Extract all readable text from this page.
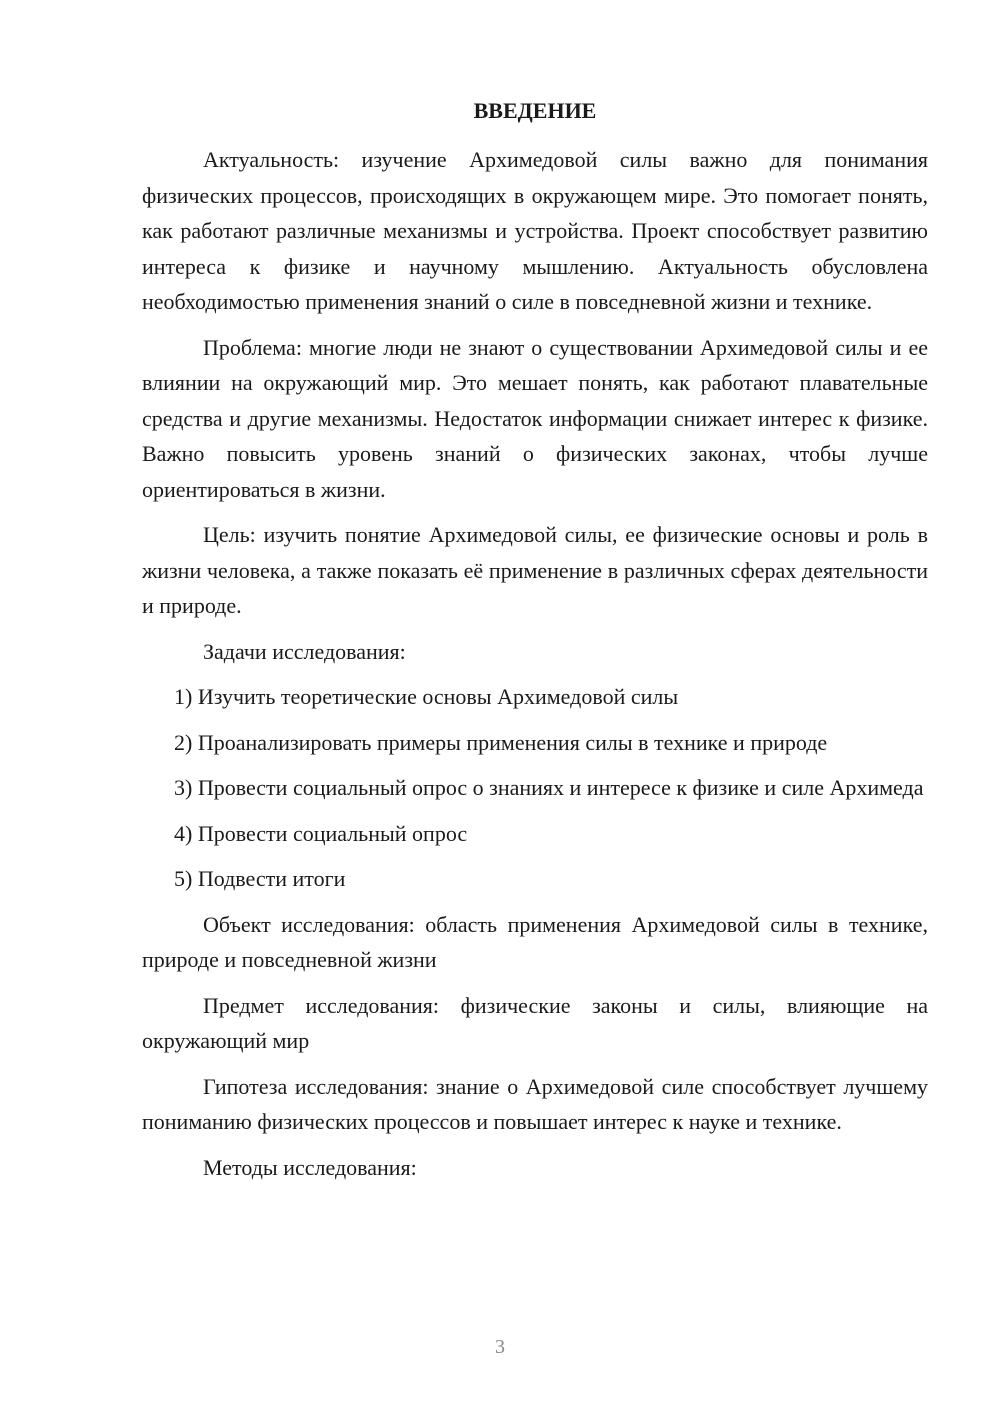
ВВЕДЕНИЕ

Актуальность: изучение Архимедовой силы важно для понимания физических процессов, происходящих в окружающем мире. Это помогает понять, как работают различные механизмы и устройства. Проект способствует развитию интереса к физике и научному мышлению. Актуальность обусловлена необходимостью применения знаний о силе в повседневной жизни и технике.

Проблема: многие люди не знают о существовании Архимедовой силы и ее влиянии на окружающий мир. Это мешает понять, как работают плавательные средства и другие механизмы. Недостаток информации снижает интерес к физике. Важно повысить уровень знаний о физических законах, чтобы лучше ориентироваться в жизни.

Цель: изучить понятие Архимедовой силы, ее физические основы и роль в жизни человека, а также показать её применение в различных сферах деятельности и природе.

Задачи исследования:

1) Изучить теоретические основы Архимедовой силы

2) Проанализировать примеры применения силы в технике и природе

3) Провести социальный опрос о знаниях и интересе к физике и силе Архимеда

4) Провести социальный опрос

5) Подвести итоги

Объект исследования: область применения Архимедовой силы в технике, природе и повседневной жизни

Предмет исследования: физические законы и силы, влияющие на окружающий мир

Гипотеза исследования: знание о Архимедовой силе способствует лучшему пониманию физических процессов и повышает интерес к науке и технике.

Методы исследования:

3
